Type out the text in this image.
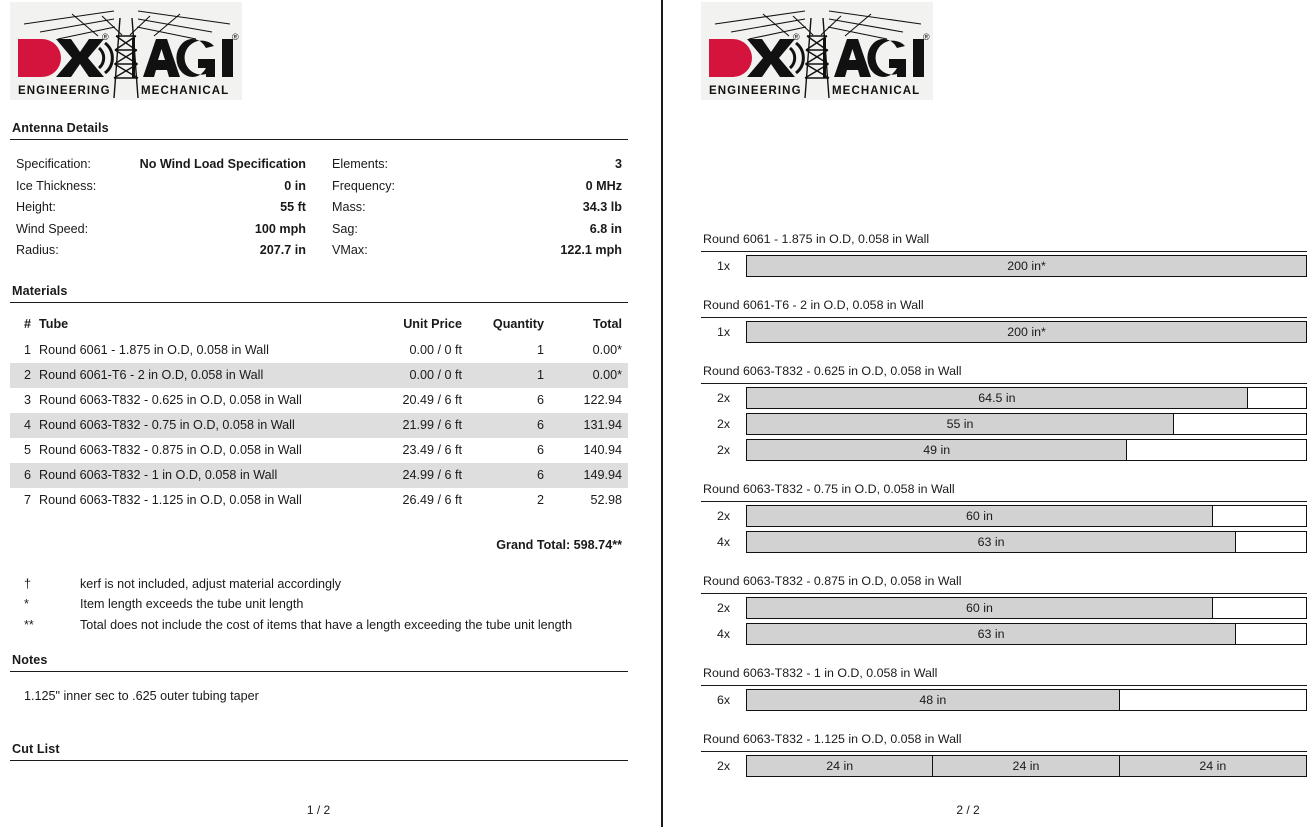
®	®
ENGINEERING	MECHANICAL
Antenna Details
Specification:	No Wind Load Specification
Ice Thickness:	0 in
Height:	55 ft
Wind Speed:	100 mph
Radius:	207.7 in
Elements:	3
Frequency:	0 MHz
Mass:	34.3 lb
Sag:	6.8 in
VMax:	122.1 mph
Materials
#	Tube	Unit Price	Quantity	Total
1	Round 6061 - 1.875 in O.D, 0.058 in Wall	0.00 / 0 ft	1	0.00*
2	Round 6061-T6 - 2 in O.D, 0.058 in Wall	0.00 / 0 ft	1	0.00*
3	Round 6063-T832 - 0.625 in O.D, 0.058 in Wall	20.49 / 6 ft	6	122.94
4	Round 6063-T832 - 0.75 in O.D, 0.058 in Wall	21.99 / 6 ft	6	131.94
5	Round 6063-T832 - 0.875 in O.D, 0.058 in Wall	23.49 / 6 ft	6	140.94
6	Round 6063-T832 - 1 in O.D, 0.058 in Wall	24.99 / 6 ft	6	149.94
7	Round 6063-T832 - 1.125 in O.D, 0.058 in Wall	26.49 / 6 ft	2	52.98
Grand Total: 598.74**
†	kerf is not included, adjust material accordingly
*	Item length exceeds the tube unit length
**	Total does not include the cost of items that have a length exceeding the tube unit length
Notes
1.125" inner sec to .625 outer tubing taper
Cut List
1 / 2
®	®
ENGINEERING	MECHANICAL
Round 6061 - 1.875 in O.D, 0.058 in Wall
1x	200 in*
Round 6061-T6 - 2 in O.D, 0.058 in Wall
1x	200 in*
Round 6063-T832 - 0.625 in O.D, 0.058 in Wall
2x	64.5 in
2x	55 in
2x	49 in
Round 6063-T832 - 0.75 in O.D, 0.058 in Wall
2x	60 in
4x	63 in
Round 6063-T832 - 0.875 in O.D, 0.058 in Wall
2x	60 in
4x	63 in
Round 6063-T832 - 1 in O.D, 0.058 in Wall
6x	48 in
Round 6063-T832 - 1.125 in O.D, 0.058 in Wall
2x	24 in	24 in	24 in
2 / 2
